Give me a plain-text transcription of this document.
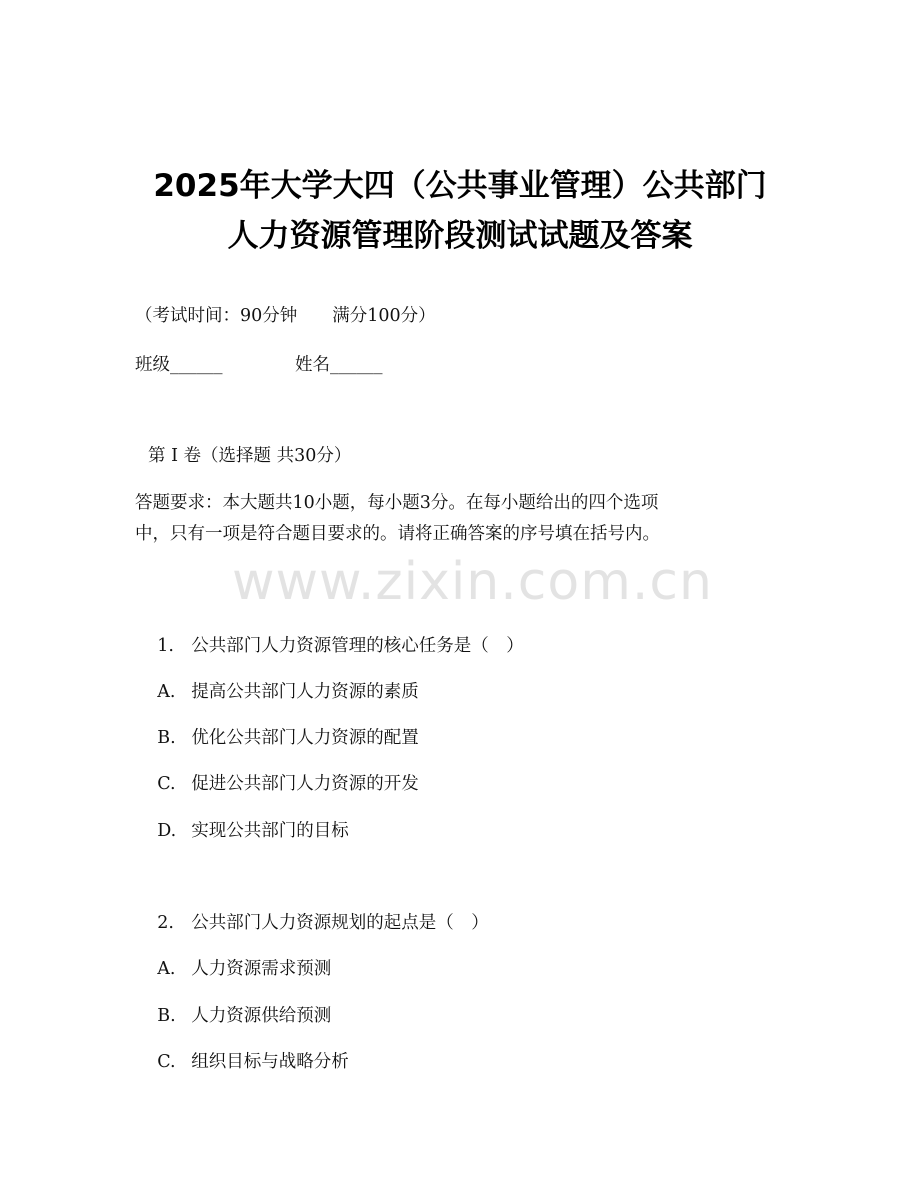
2025年大学大四（公共事业管理）公共部门
人力资源管理阶段测试试题及答案
（考试时间：90分钟　　满分100分）
班级______	姓名______
第 I 卷（选择题 共30分）
答题要求：本大题共10小题，每小题3分。在每小题给出的四个选项
中，只有一项是符合题目要求的。请将正确答案的序号填在括号内。
www.zixin.com.cn

1. 公共部门人力资源管理的核心任务是（　）

A. 提高公共部门人力资源的素质

B. 优化公共部门人力资源的配置

C. 促进公共部门人力资源的开发

D. 实现公共部门的目标

2. 公共部门人力资源规划的起点是（　）

A. 人力资源需求预测

B. 人力资源供给预测

C. 组织目标与战略分析
